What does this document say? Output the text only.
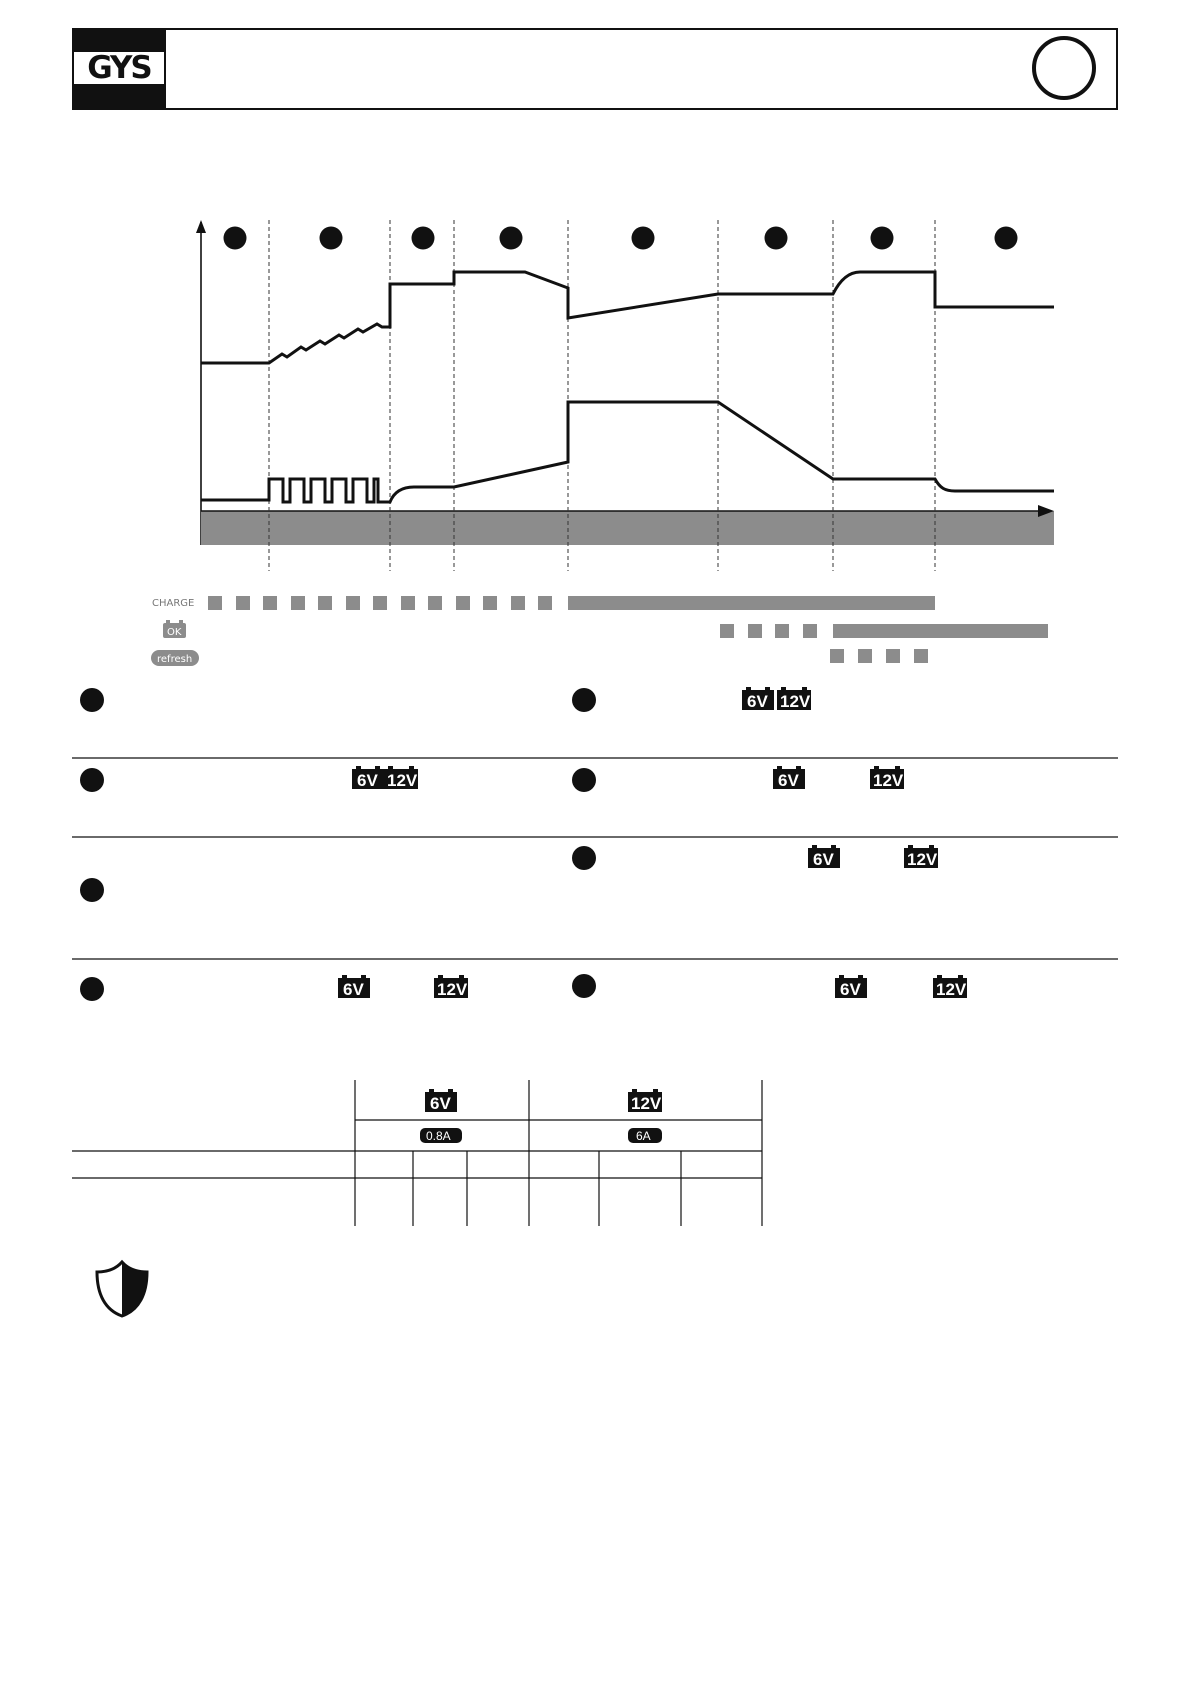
GYS
CHARGE
OK
refresh
6V 12V
6V	12V
6V 12V
6V	12V
6V	12V
6V	12V
6V	12V
0.8A	6A
